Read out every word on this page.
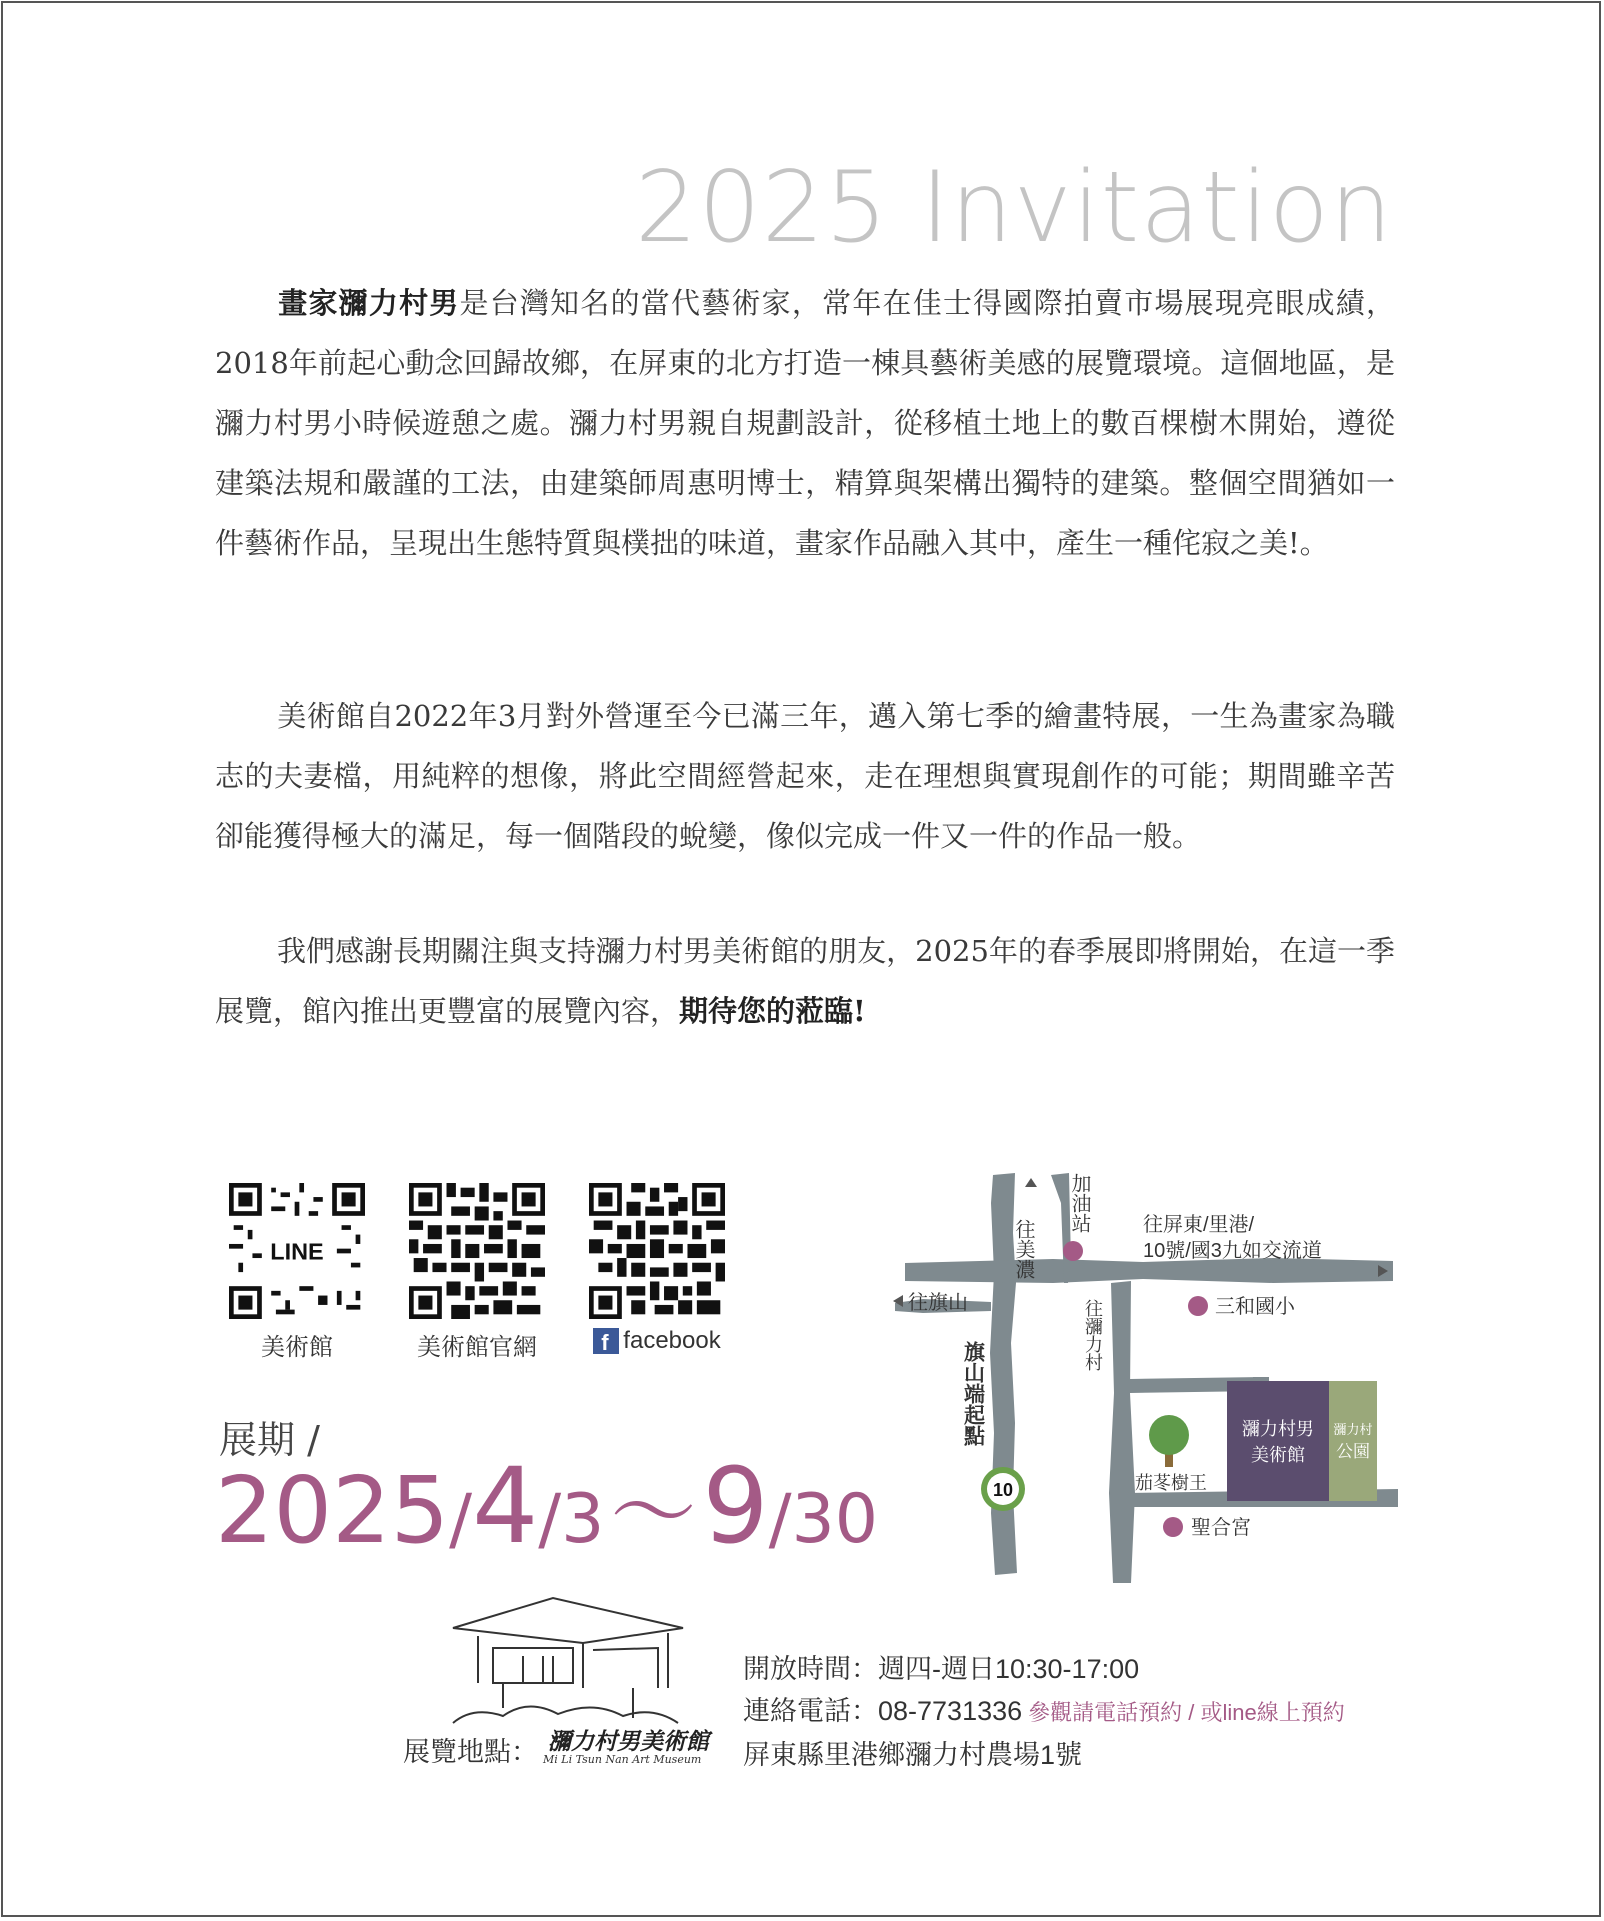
2025 Invitation

畫家瀰力村男是台灣知名的當代藝術家，常年在佳士得國際拍賣市場展現亮眼成績，2018年前起心動念回歸故鄉，在屏東的北方打造一棟具藝術美感的展覽環境。這個地區，是瀰力村男小時候遊憩之處。瀰力村男親自規劃設計，從移植土地上的數百棵樹木開始，遵從建築法規和嚴謹的工法，由建築師周惠明博士，精算與架構出獨特的建築。整個空間猶如一件藝術作品，呈現出生態特質與樸拙的味道，畫家作品融入其中，產生一種侘寂之美!。

美術館自2022年3月對外營運至今已滿三年，邁入第七季的繪畫特展，一生為畫家為職志的夫妻檔，用純粹的想像，將此空間經營起來，走在理想與實現創作的可能；期間雖辛苦卻能獲得極大的滿足，每一個階段的蛻變，像似完成一件又一件的作品一般。

我們感謝長期關注與支持瀰力村男美術館的朋友，2025年的春季展即將開始，在這一季展覽，館內推出更豐富的展覽內容，期待您的蒞臨!

LINE
美術館	美術館官網	f facebook
展期 /
2025/4/3～9/30
瀰力村男
美術館
瀰力村
公園
10
往美濃
加油站	往屏東/里港/
10號/國3九如交流道
往旗山	往瀰力村	三和國小
旗山端起點
茄苳樹王
聖合宮
展覽地點： 瀰力村男美術館
Mi Li Tsun Nan Art Museum
開放時間：週四-週日10:30-17:00
連絡電話：08-7731336 參觀請電話預約 / 或line線上預約
屏東縣里港鄉瀰力村農場1號
